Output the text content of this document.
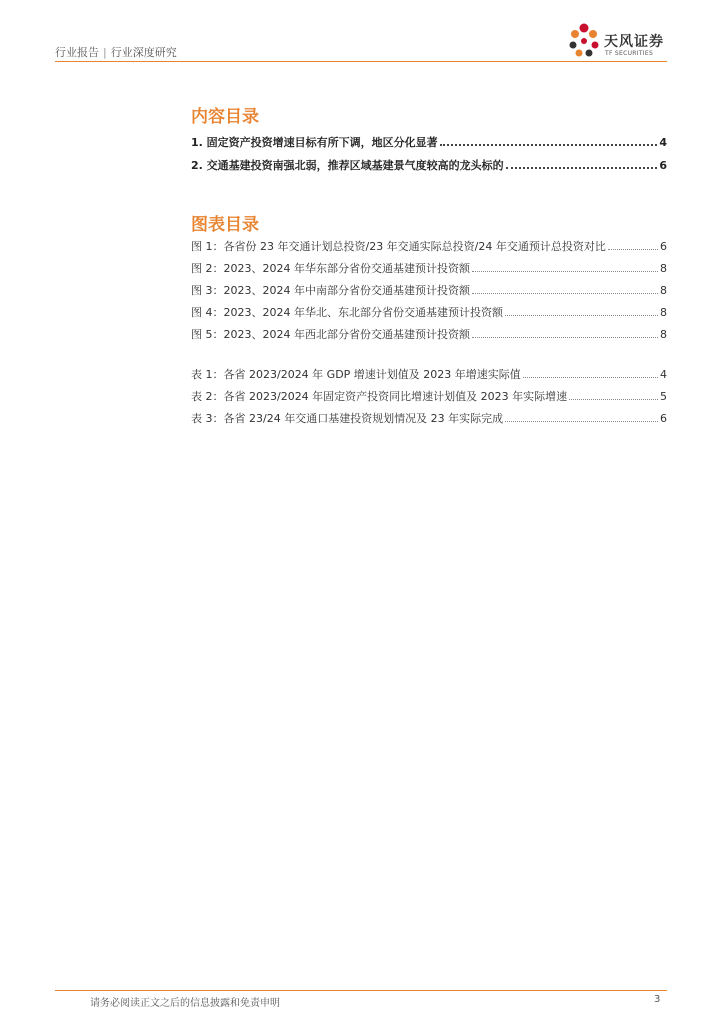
行业报告 | 行业深度研究
天风证券
TF SECURITIES
内容目录
1. 固定资产投资增速目标有所下调，地区分化显著	4
2. 交通基建投资南强北弱，推荐区域基建景气度较高的龙头标的	6
图表目录
图 1：各省份 23 年交通计划总投资/23 年交通实际总投资/24 年交通预计总投资对比	6
图 2：2023、2024 年华东部分省份交通基建预计投资额	8
图 3：2023、2024 年中南部分省份交通基建预计投资额	8
图 4：2023、2024 年华北、东北部分省份交通基建预计投资额	8
图 5：2023、2024 年西北部分省份交通基建预计投资额	8
表 1：各省 2023/2024 年 GDP 增速计划值及 2023 年增速实际值	4
表 2：各省 2023/2024 年固定资产投资同比增速计划值及 2023 年实际增速	5
表 3：各省 23/24 年交通口基建投资规划情况及 23 年实际完成	6
请务必阅读正文之后的信息披露和免责申明	3
